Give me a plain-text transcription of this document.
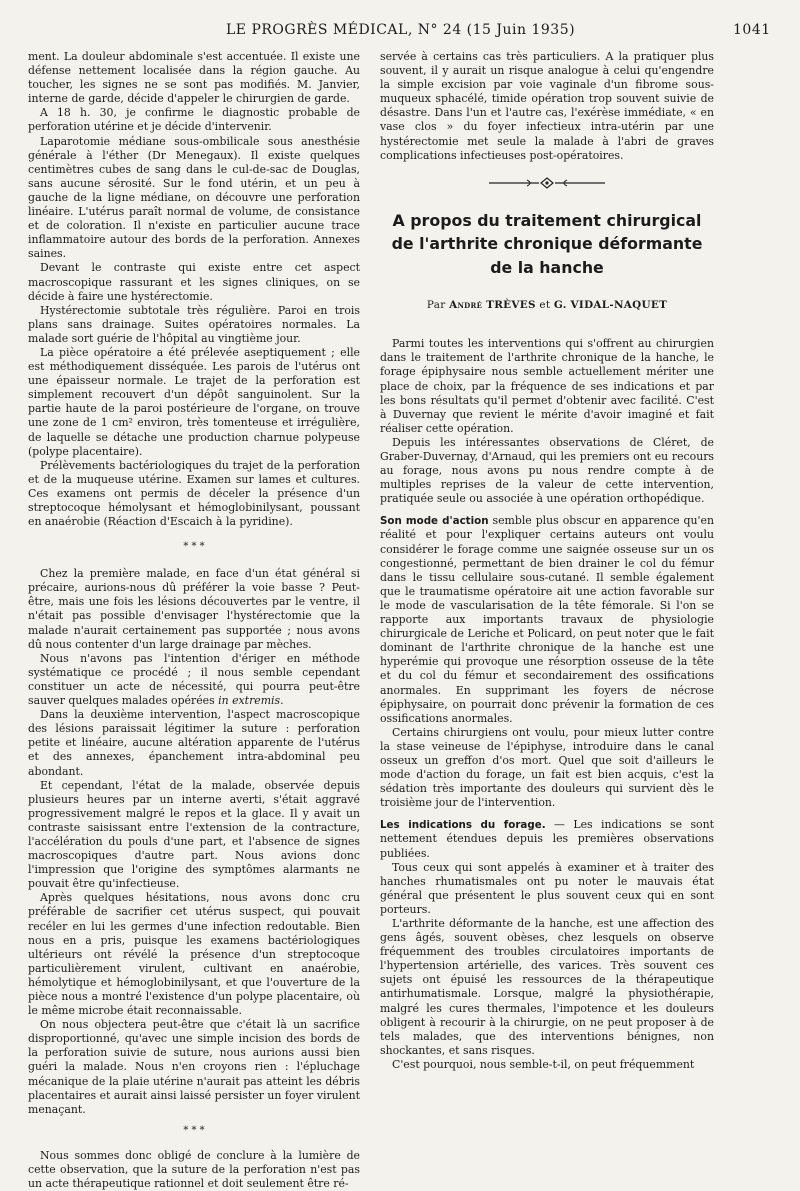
LE PROGRÈS MÉDICAL, N° 24 (15 Juin 1935)	1041

ment. La douleur abdominale s'est accentuée. Il existe une défense nettement localisée dans la région gauche. Au toucher, les signes ne se sont pas modifiés. M. Janvier, interne de garde, décide d'appeler le chirurgien de garde.

A 18 h. 30, je confirme le diagnostic probable de perforation utérine et je décide d'intervenir.

Laparotomie médiane sous-ombilicale sous anesthésie générale à l'éther (Dr Menegaux). Il existe quelques centimètres cubes de sang dans le cul-de-sac de Douglas, sans aucune sérosité. Sur le fond utérin, et un peu à gauche de la ligne médiane, on découvre une perforation linéaire. L'utérus paraît normal de volume, de consistance et de coloration. Il n'existe en particulier aucune trace inflammatoire autour des bords de la perforation. Annexes saines.

Devant le contraste qui existe entre cet aspect macroscopique rassurant et les signes cliniques, on se décide à faire une hystérectomie.

Hystérectomie subtotale très régulière. Paroi en trois plans sans drainage. Suites opératoires normales. La malade sort guérie de l'hôpital au vingtième jour.

La pièce opératoire a été prélevée aseptiquement ; elle est méthodiquement disséquée. Les parois de l'utérus ont une épaisseur normale. Le trajet de la perforation est simplement recouvert d'un dépôt sanguinolent. Sur la partie haute de la paroi postérieure de l'organe, on trouve une zone de 1 cm² environ, très tomenteuse et irrégulière, de laquelle se détache une production charnue polypeuse (polype placentaire).

Prélèvements bactériologiques du trajet de la perforation et de la muqueuse utérine. Examen sur lames et cultures. Ces examens ont permis de déceler la présence d'un streptocoque hémolysant et hémoglobinilysant, poussant en anaérobie (Réaction d'Escaich à la pyridine).

* * *

Chez la première malade, en face d'un état général si précaire, aurions-nous dû préférer la voie basse ? Peut-être, mais une fois les lésions découvertes par le ventre, il n'était pas possible d'envisager l'hystérectomie que la malade n'aurait certainement pas supportée ; nous avons dû nous contenter d'un large drainage par mèches.

Nous n'avons pas l'intention d'ériger en méthode systématique ce procédé ; il nous semble cependant constituer un acte de nécessité, qui pourra peut-être sauver quelques malades opérées in extremis.

Dans la deuxième intervention, l'aspect macroscopique des lésions paraissait légitimer la suture : perforation petite et linéaire, aucune altération apparente de l'utérus et des annexes, épanchement intra-abdominal peu abondant.

Et cependant, l'état de la malade, observée depuis plusieurs heures par un interne averti, s'était aggravé progressivement malgré le repos et la glace. Il y avait un contraste saisissant entre l'extension de la contracture, l'accélération du pouls d'une part, et l'absence de signes macroscopiques d'autre part. Nous avions donc l'impression que l'origine des symptômes alarmants ne pouvait être qu'infectieuse.

Après quelques hésitations, nous avons donc cru préférable de sacrifier cet utérus suspect, qui pouvait recéler en lui les germes d'une infection redoutable. Bien nous en a pris, puisque les examens bactériologiques ultérieurs ont révélé la présence d'un streptocoque particulièrement virulent, cultivant en anaérobie, hémolytique et hémoglobinilysant, et que l'ouverture de la pièce nous a montré l'existence d'un polype placentaire, où le même microbe était reconnaissable.

On nous objectera peut-être que c'était là un sacrifice disproportionné, qu'avec une simple incision des bords de la perforation suivie de suture, nous aurions aussi bien guéri la malade. Nous n'en croyons rien : l'épluchage mécanique de la plaie utérine n'aurait pas atteint les débris placentaires et aurait ainsi laissé persister un foyer virulent menaçant.

* * *

Nous sommes donc obligé de conclure à la lumière de cette observation, que la suture de la perforation n'est pas un acte thérapeutique rationnel et doit seulement être ré-

servée à certains cas très particuliers. A la pratiquer plus souvent, il y aurait un risque analogue à celui qu'engendre la simple excision par voie vaginale d'un fibrome sous-muqueux sphacélé, timide opération trop souvent suivie de désastre. Dans l'un et l'autre cas, l'exérèse immédiate, « en vase clos » du foyer infectieux intra-utérin par une hystérectomie met seule la malade à l'abri de graves complications infectieuses post-opératoires.

A propos du traitement chirurgical
de l'arthrite chronique déformante
de la hanche
Par André TRÈVES et G. VIDAL-NAQUET

Parmi toutes les interventions qui s'offrent au chirurgien dans le traitement de l'arthrite chronique de la hanche, le forage épiphysaire nous semble actuellement mériter une place de choix, par la fréquence de ses indications et par les bons résultats qu'il permet d'obtenir avec facilité. C'est à Duvernay que revient le mérite d'avoir imaginé et fait réaliser cette opération.

Depuis les intéressantes observations de Cléret, de Graber-Duvernay, d'Arnaud, qui les premiers ont eu recours au forage, nous avons pu nous rendre compte à de multiples reprises de la valeur de cette intervention, pratiquée seule ou associée à une opération orthopédique.

Son mode d'action semble plus obscur en apparence qu'en réalité et pour l'expliquer certains auteurs ont voulu considérer le forage comme une saignée osseuse sur un os congestionné, permettant de bien drainer le col du fémur dans le tissu cellulaire sous-cutané. Il semble également que le traumatisme opératoire ait une action favorable sur le mode de vascularisation de la tête fémorale. Si l'on se rapporte aux importants travaux de physiologie chirurgicale de Leriche et Policard, on peut noter que le fait dominant de l'arthrite chronique de la hanche est une hyperémie qui provoque une résorption osseuse de la tête et du col du fémur et secondairement des ossifications anormales. En supprimant les foyers de nécrose épiphysaire, on pourrait donc prévenir la formation de ces ossifications anormales.

Certains chirurgiens ont voulu, pour mieux lutter contre la stase veineuse de l'épiphyse, introduire dans le canal osseux un greffon d'os mort. Quel que soit d'ailleurs le mode d'action du forage, un fait est bien acquis, c'est la sédation très importante des douleurs qui survient dès le troisième jour de l'intervention.

Les indications du forage. — Les indications se sont nettement étendues depuis les premières observations publiées.

Tous ceux qui sont appelés à examiner et à traiter des hanches rhumatismales ont pu noter le mauvais état général que présentent le plus souvent ceux qui en sont porteurs.

L'arthrite déformante de la hanche, est une affection des gens âgés, souvent obèses, chez lesquels on observe fréquemment des troubles circulatoires importants de l'hypertension artérielle, des varices. Très souvent ces sujets ont épuisé les ressources de la thérapeutique antirhumatismale. Lorsque, malgré la physiothérapie, malgré les cures thermales, l'impotence et les douleurs obligent à recourir à la chirurgie, on ne peut proposer à de tels malades, que des interventions bénignes, non shockantes, et sans risques.

C'est pourquoi, nous semble-t-il, on peut fréquemment
